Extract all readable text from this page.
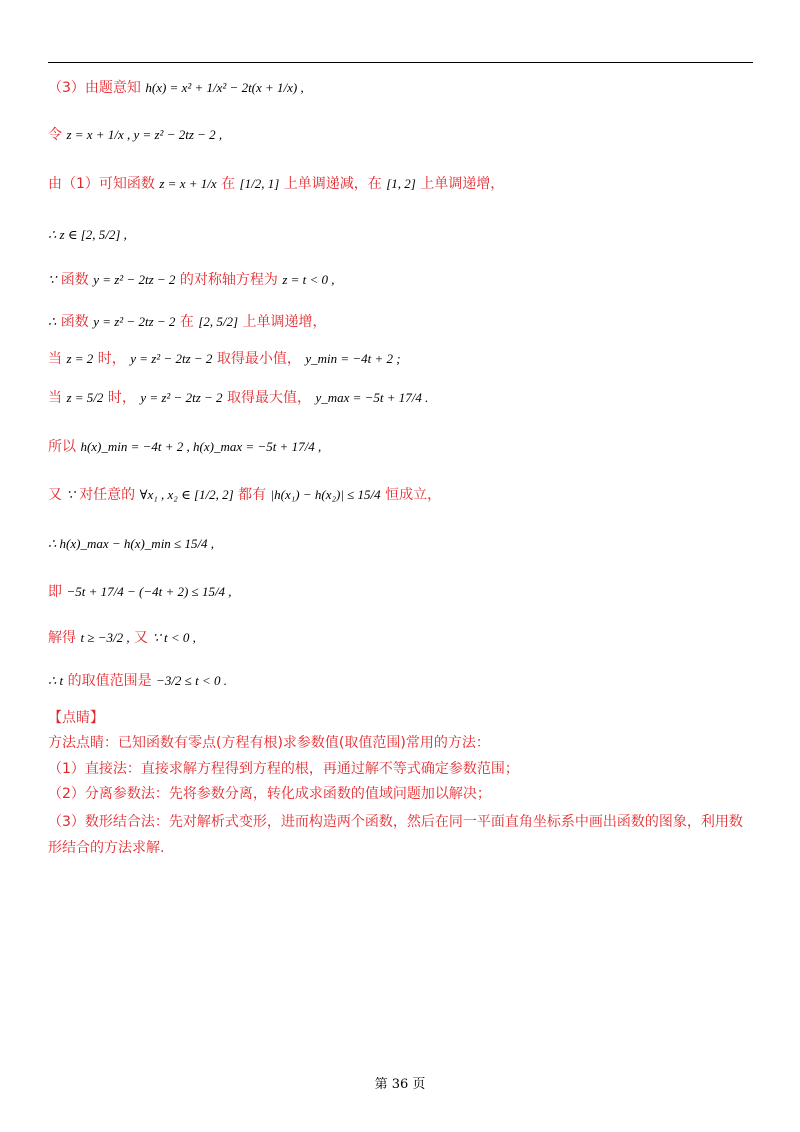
（3）由题意知 h(x) = x² + 1/x² − 2t(x + 1/x) ,
令 z = x + 1/x , y = z² − 2tz − 2 ,
由（1）可知函数 z = x + 1/x 在 [1/2, 1] 上单调递减，在 [1, 2] 上单调递增，
∴ z ∈ [2, 5/2] ,
∵ 函数 y = z² − 2tz − 2 的对称轴方程为 z = t < 0 ,
∴ 函数 y = z² − 2tz − 2 在 [2, 5/2] 上单调递增，
当 z = 2 时， y = z² − 2tz − 2 取得最小值， y_min = −4t + 2 ;
当 z = 5/2 时， y = z² − 2tz − 2 取得最大值， y_max = −5t + 17/4 .
所以 h(x)_min = −4t + 2 , h(x)_max = −5t + 17/4 ,
又 ∵ 对任意的 ∀x₁ , x₂ ∈ [1/2, 2] 都有 |h(x₁) − h(x₂)| ≤ 15/4 恒成立，
∴ h(x)_max − h(x)_min ≤ 15/4 ,
即 −5t + 17/4 − (−4t + 2) ≤ 15/4 ,
解得 t ≥ −3/2 , 又 ∵ t < 0 ,
∴ t 的取值范围是 −3/2 ≤ t < 0 .
【点睛】
方法点睛：已知函数有零点(方程有根)求参数值(取值范围)常用的方法：
（1）直接法：直接求解方程得到方程的根，再通过解不等式确定参数范围；
（2）分离参数法：先将参数分离，转化成求函数的值域问题加以解决；
（3）数形结合法：先对解析式变形，进而构造两个函数，然后在同一平面直角坐标系中画出函数的图象，利用数形结合的方法求解.
第 36 页
